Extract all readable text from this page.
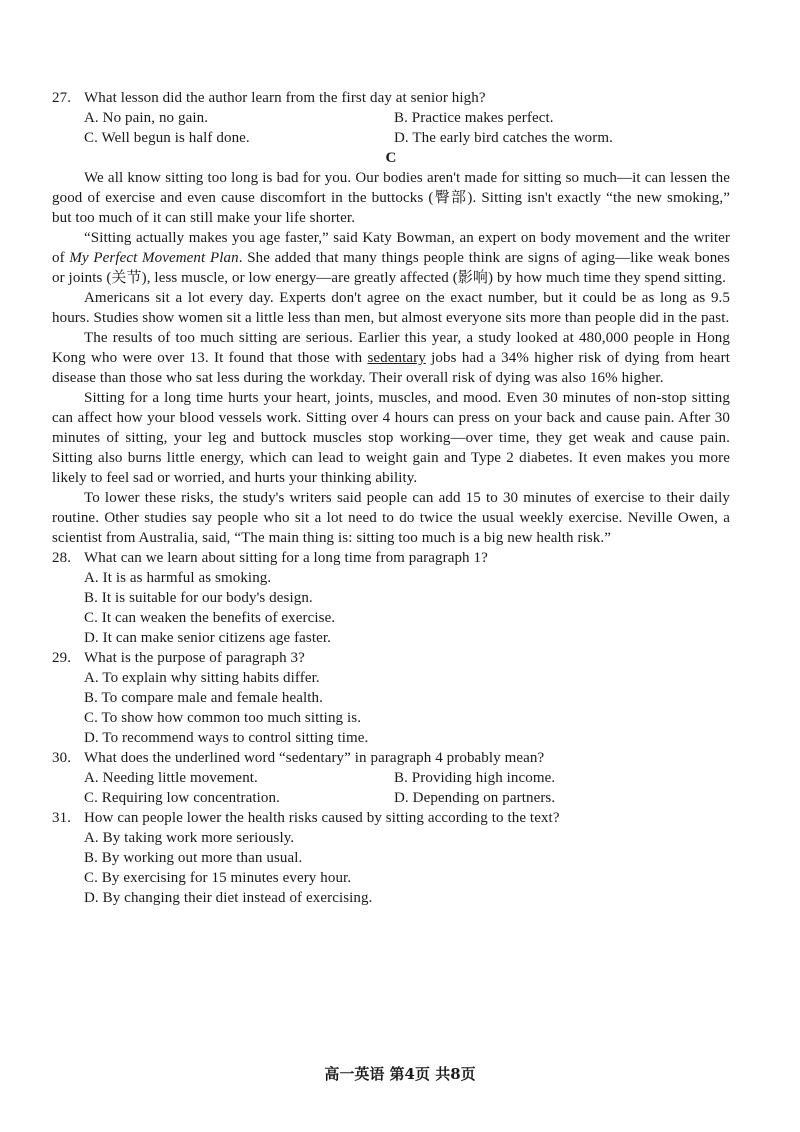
27. What lesson did the author learn from the first day at senior high?
A. No pain, no gain.	B. Practice makes perfect.
C. Well begun is half done.	D. The early bird catches the worm.

C

We all know sitting too long is bad for you. Our bodies aren't made for sitting so much—it can lessen the good of exercise and even cause discomfort in the buttocks (臀部). Sitting isn't exactly “the new smoking,” but too much of it can still make your life shorter.

“Sitting actually makes you age faster,” said Katy Bowman, an expert on body movement and the writer of My Perfect Movement Plan. She added that many things people think are signs of aging—like weak bones or joints (关节), less muscle, or low energy—are greatly affected (影响) by how much time they spend sitting.

Americans sit a lot every day. Experts don't agree on the exact number, but it could be as long as 9.5 hours. Studies show women sit a little less than men, but almost everyone sits more than people did in the past.

The results of too much sitting are serious. Earlier this year, a study looked at 480,000 people in Hong Kong who were over 13. It found that those with sedentary jobs had a 34% higher risk of dying from heart disease than those who sat less during the workday. Their overall risk of dying was also 16% higher.

Sitting for a long time hurts your heart, joints, muscles, and mood. Even 30 minutes of non-stop sitting can affect how your blood vessels work. Sitting over 4 hours can press on your back and cause pain. After 30 minutes of sitting, your leg and buttock muscles stop working—over time, they get weak and cause pain. Sitting also burns little energy, which can lead to weight gain and Type 2 diabetes. It even makes you more likely to feel sad or worried, and hurts your thinking ability.

To lower these risks, the study's writers said people can add 15 to 30 minutes of exercise to their daily routine. Other studies say people who sit a lot need to do twice the usual weekly exercise. Neville Owen, a scientist from Australia, said, “The main thing is: sitting too much is a big new health risk.”

28. What can we learn about sitting for a long time from paragraph 1?
A. It is as harmful as smoking.
B. It is suitable for our body's design.
C. It can weaken the benefits of exercise.
D. It can make senior citizens age faster.
29. What is the purpose of paragraph 3?
A. To explain why sitting habits differ.
B. To compare male and female health.
C. To show how common too much sitting is.
D. To recommend ways to control sitting time.
30. What does the underlined word “sedentary” in paragraph 4 probably mean?
A. Needing little movement.	B. Providing high income.
C. Requiring low concentration.	D. Depending on partners.
31. How can people lower the health risks caused by sitting according to the text?
A. By taking work more seriously.
B. By working out more than usual.
C. By exercising for 15 minutes every hour.
D. By changing their diet instead of exercising.
高一英语 第4页 共8页
